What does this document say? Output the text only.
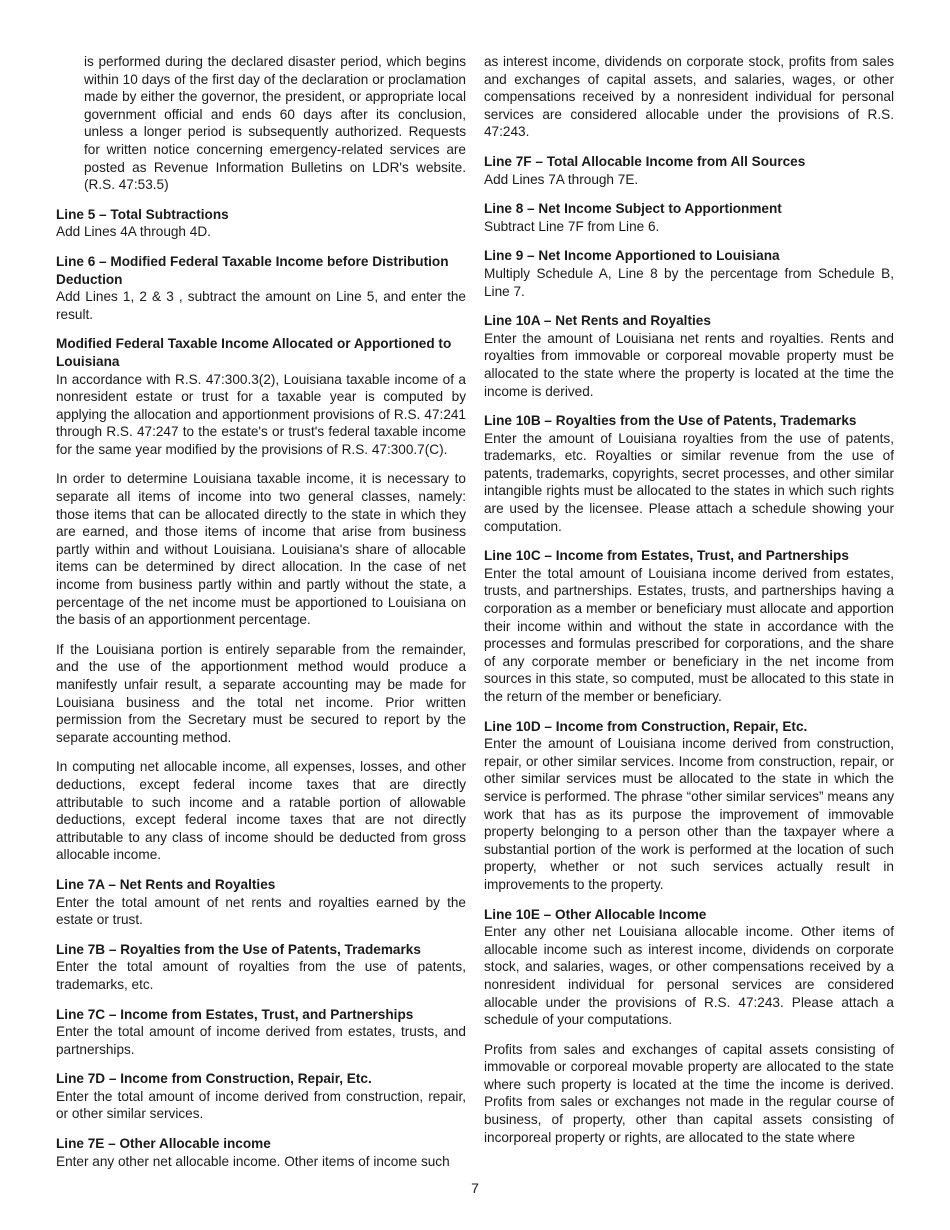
is performed during the declared disaster period, which begins within 10 days of the first day of the declaration or proclamation made by either the governor, the president, or appropriate local government official and ends 60 days after its conclusion, unless a longer period is subsequently authorized. Requests for written notice concerning emergency-related services are posted as Revenue Information Bulletins on LDR's website. (R.S. 47:53.5)

Line 5 – Total Subtractions

Add Lines 4A through 4D.

Line 6 – Modified Federal Taxable Income before Distribution Deduction

Add Lines 1, 2 & 3 , subtract the amount on Line 5, and enter the result.

Modified Federal Taxable Income Allocated or Apportioned to Louisiana

In accordance with R.S. 47:300.3(2), Louisiana taxable income of a nonresident estate or trust for a taxable year is computed by applying the allocation and apportionment provisions of R.S. 47:241 through R.S. 47:247 to the estate's or trust's federal taxable income for the same year modified by the provisions of R.S. 47:300.7(C).

In order to determine Louisiana taxable income, it is necessary to separate all items of income into two general classes, namely: those items that can be allocated directly to the state in which they are earned, and those items of income that arise from business partly within and without Louisiana. Louisiana's share of allocable items can be determined by direct allocation. In the case of net income from business partly within and partly without the state, a percentage of the net income must be apportioned to Louisiana on the basis of an apportionment percentage.

If the Louisiana portion is entirely separable from the remainder, and the use of the apportionment method would produce a manifestly unfair result, a separate accounting may be made for Louisiana business and the total net income. Prior written permission from the Secretary must be secured to report by the separate accounting method.

In computing net allocable income, all expenses, losses, and other deductions, except federal income taxes that are directly attributable to such income and a ratable portion of allowable deductions, except federal income taxes that are not directly attributable to any class of income should be deducted from gross allocable income.

Line 7A – Net Rents and Royalties

Enter the total amount of net rents and royalties earned by the estate or trust.

Line 7B – Royalties from the Use of Patents, Trademarks

Enter the total amount of royalties from the use of patents, trademarks, etc.

Line 7C – Income from Estates, Trust, and Partnerships

Enter the total amount of income derived from estates, trusts, and partnerships.

Line 7D – Income from Construction, Repair, Etc.

Enter the total amount of income derived from construction, repair, or other similar services.

Line 7E – Other Allocable income

Enter any other net allocable income. Other items of income such

as interest income, dividends on corporate stock, profits from sales and exchanges of capital assets, and salaries, wages, or other compensations received by a nonresident individual for personal services are considered allocable under the provisions of R.S. 47:243.

Line 7F – Total Allocable Income from All Sources

Add Lines 7A through 7E.

Line 8 – Net Income Subject to Apportionment

Subtract Line 7F from Line 6.

Line 9 – Net Income Apportioned to Louisiana

Multiply Schedule A, Line 8 by the percentage from Schedule B, Line 7.

Line 10A – Net Rents and Royalties

Enter the amount of Louisiana net rents and royalties. Rents and royalties from immovable or corporeal movable property must be allocated to the state where the property is located at the time the income is derived.

Line 10B – Royalties from the Use of Patents, Trademarks

Enter the amount of Louisiana royalties from the use of patents, trademarks, etc. Royalties or similar revenue from the use of patents, trademarks, copyrights, secret processes, and other similar intangible rights must be allocated to the states in which such rights are used by the licensee. Please attach a schedule showing your computation.

Line 10C – Income from Estates, Trust, and Partnerships

Enter the total amount of Louisiana income derived from estates, trusts, and partnerships. Estates, trusts, and partnerships having a corporation as a member or beneficiary must allocate and apportion their income within and without the state in accordance with the processes and formulas prescribed for corporations, and the share of any corporate member or beneficiary in the net income from sources in this state, so computed, must be allocated to this state in the return of the member or beneficiary.

Line 10D – Income from Construction, Repair, Etc.

Enter the amount of Louisiana income derived from construction, repair, or other similar services. Income from construction, repair, or other similar services must be allocated to the state in which the service is performed. The phrase “other similar services” means any work that has as its purpose the improvement of immovable property belonging to a person other than the taxpayer where a substantial portion of the work is performed at the location of such property, whether or not such services actually result in improvements to the property.

Line 10E – Other Allocable Income

Enter any other net Louisiana allocable income. Other items of allocable income such as interest income, dividends on corporate stock, and salaries, wages, or other compensations received by a nonresident individual for personal services are considered allocable under the provisions of R.S. 47:243. Please attach a schedule of your computations.

Profits from sales and exchanges of capital assets consisting of immovable or corporeal movable property are allocated to the state where such property is located at the time the income is derived. Profits from sales or exchanges not made in the regular course of business, of property, other than capital assets consisting of incorporeal property or rights, are allocated to the state where

7
